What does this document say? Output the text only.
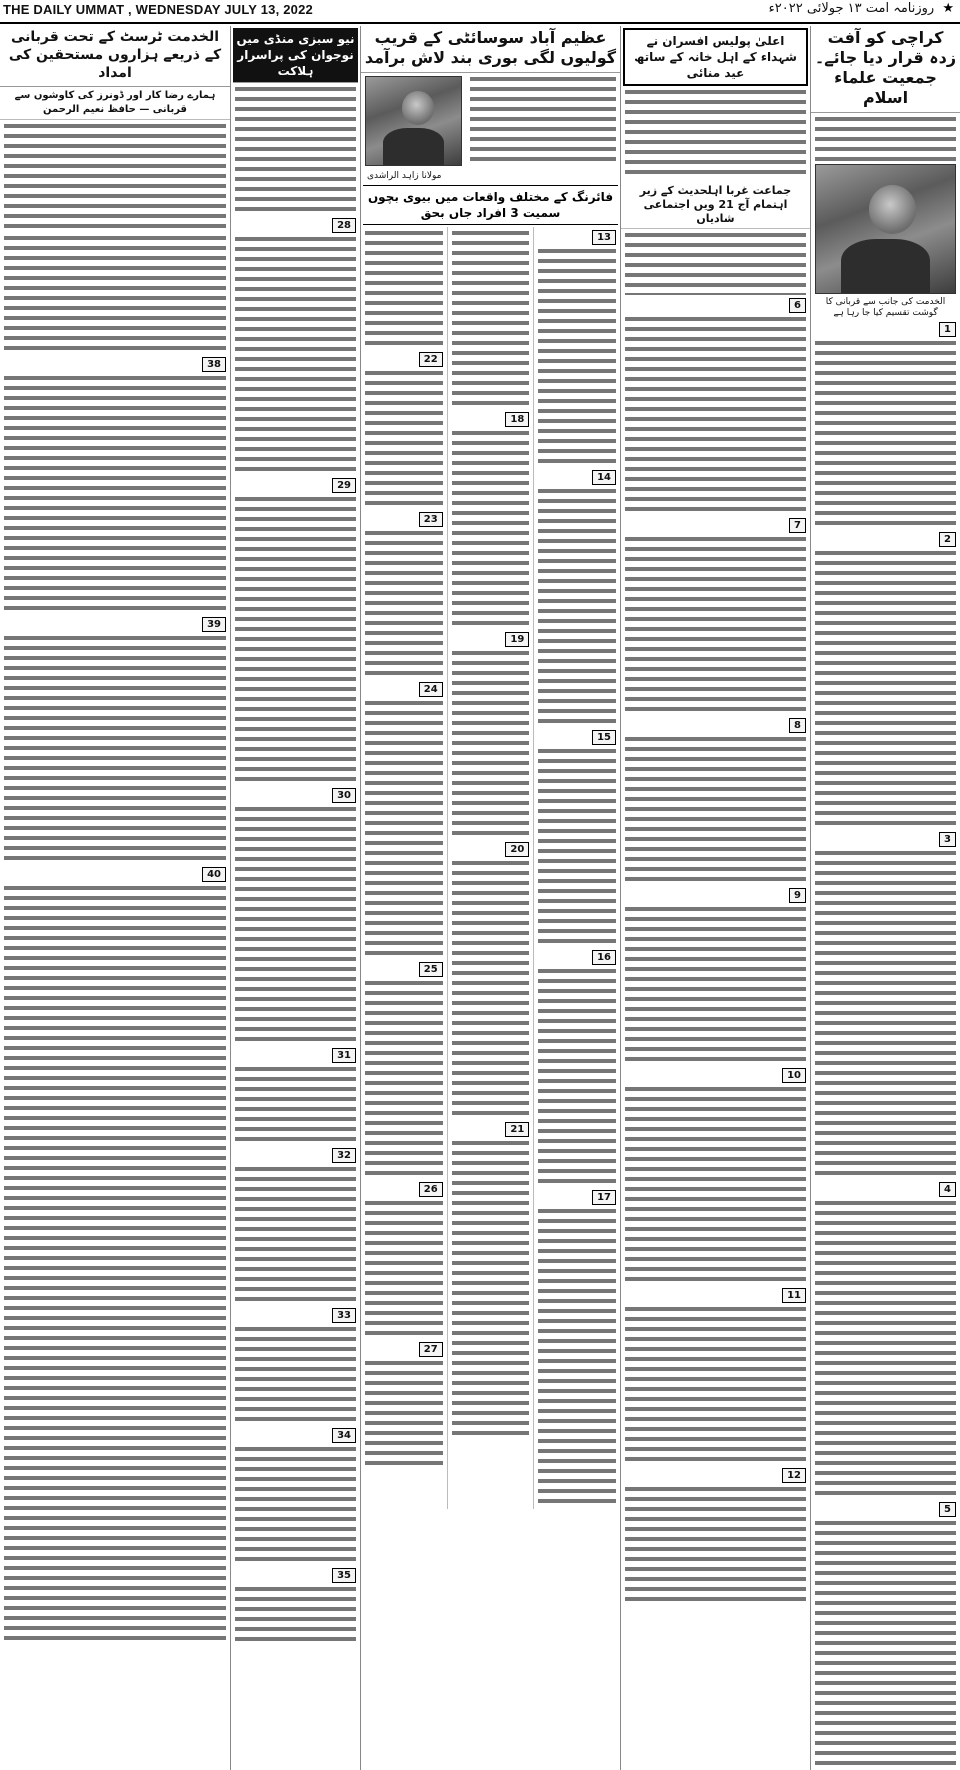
THE DAILY UMMAT , WEDNESDAY JULY 13, 2022	★ روزنامہ امت ۱۳ جولائی ۲۰۲۲ء
کراچی کو آفت زدہ قرار دیا جائے۔ جمعیت علماء اسلام
الخدمت کی جانب سے قربانی کا گوشت تقسیم کیا جا رہا ہے
1
2
3
4
5
اعلیٰ پولیس افسران نے شہداء کے اہل خانہ کے ساتھ عید منائی
جماعت غربا اہلحدیث کے زیر اہتمام آج 21 ویں اجتماعی شادیاں
6
7
8
9
10
11
12
عظیم آباد سوسائٹی کے قریب گولیوں لگی بوری بند لاش برآمد
مولانا زاہد الراشدی
فائرنگ کے مختلف واقعات میں بیوی بچوں سمیت 3 افراد جاں بحق
13
14
15
16
17
18
19
20
21
22
23
24
25
26
27
نیو سبزی منڈی میں نوجوان کی پراسرار ہلاکت
28
29
30
31
32
33
34
35
الخدمت ٹرسٹ کے تحت قربانی کے ذریعے ہزاروں مستحقین کی امداد
ہمارے رضا کار اور ڈونرز کی کاوشوں سے قربانی — حافظ نعیم الرحمن
38
39
40
